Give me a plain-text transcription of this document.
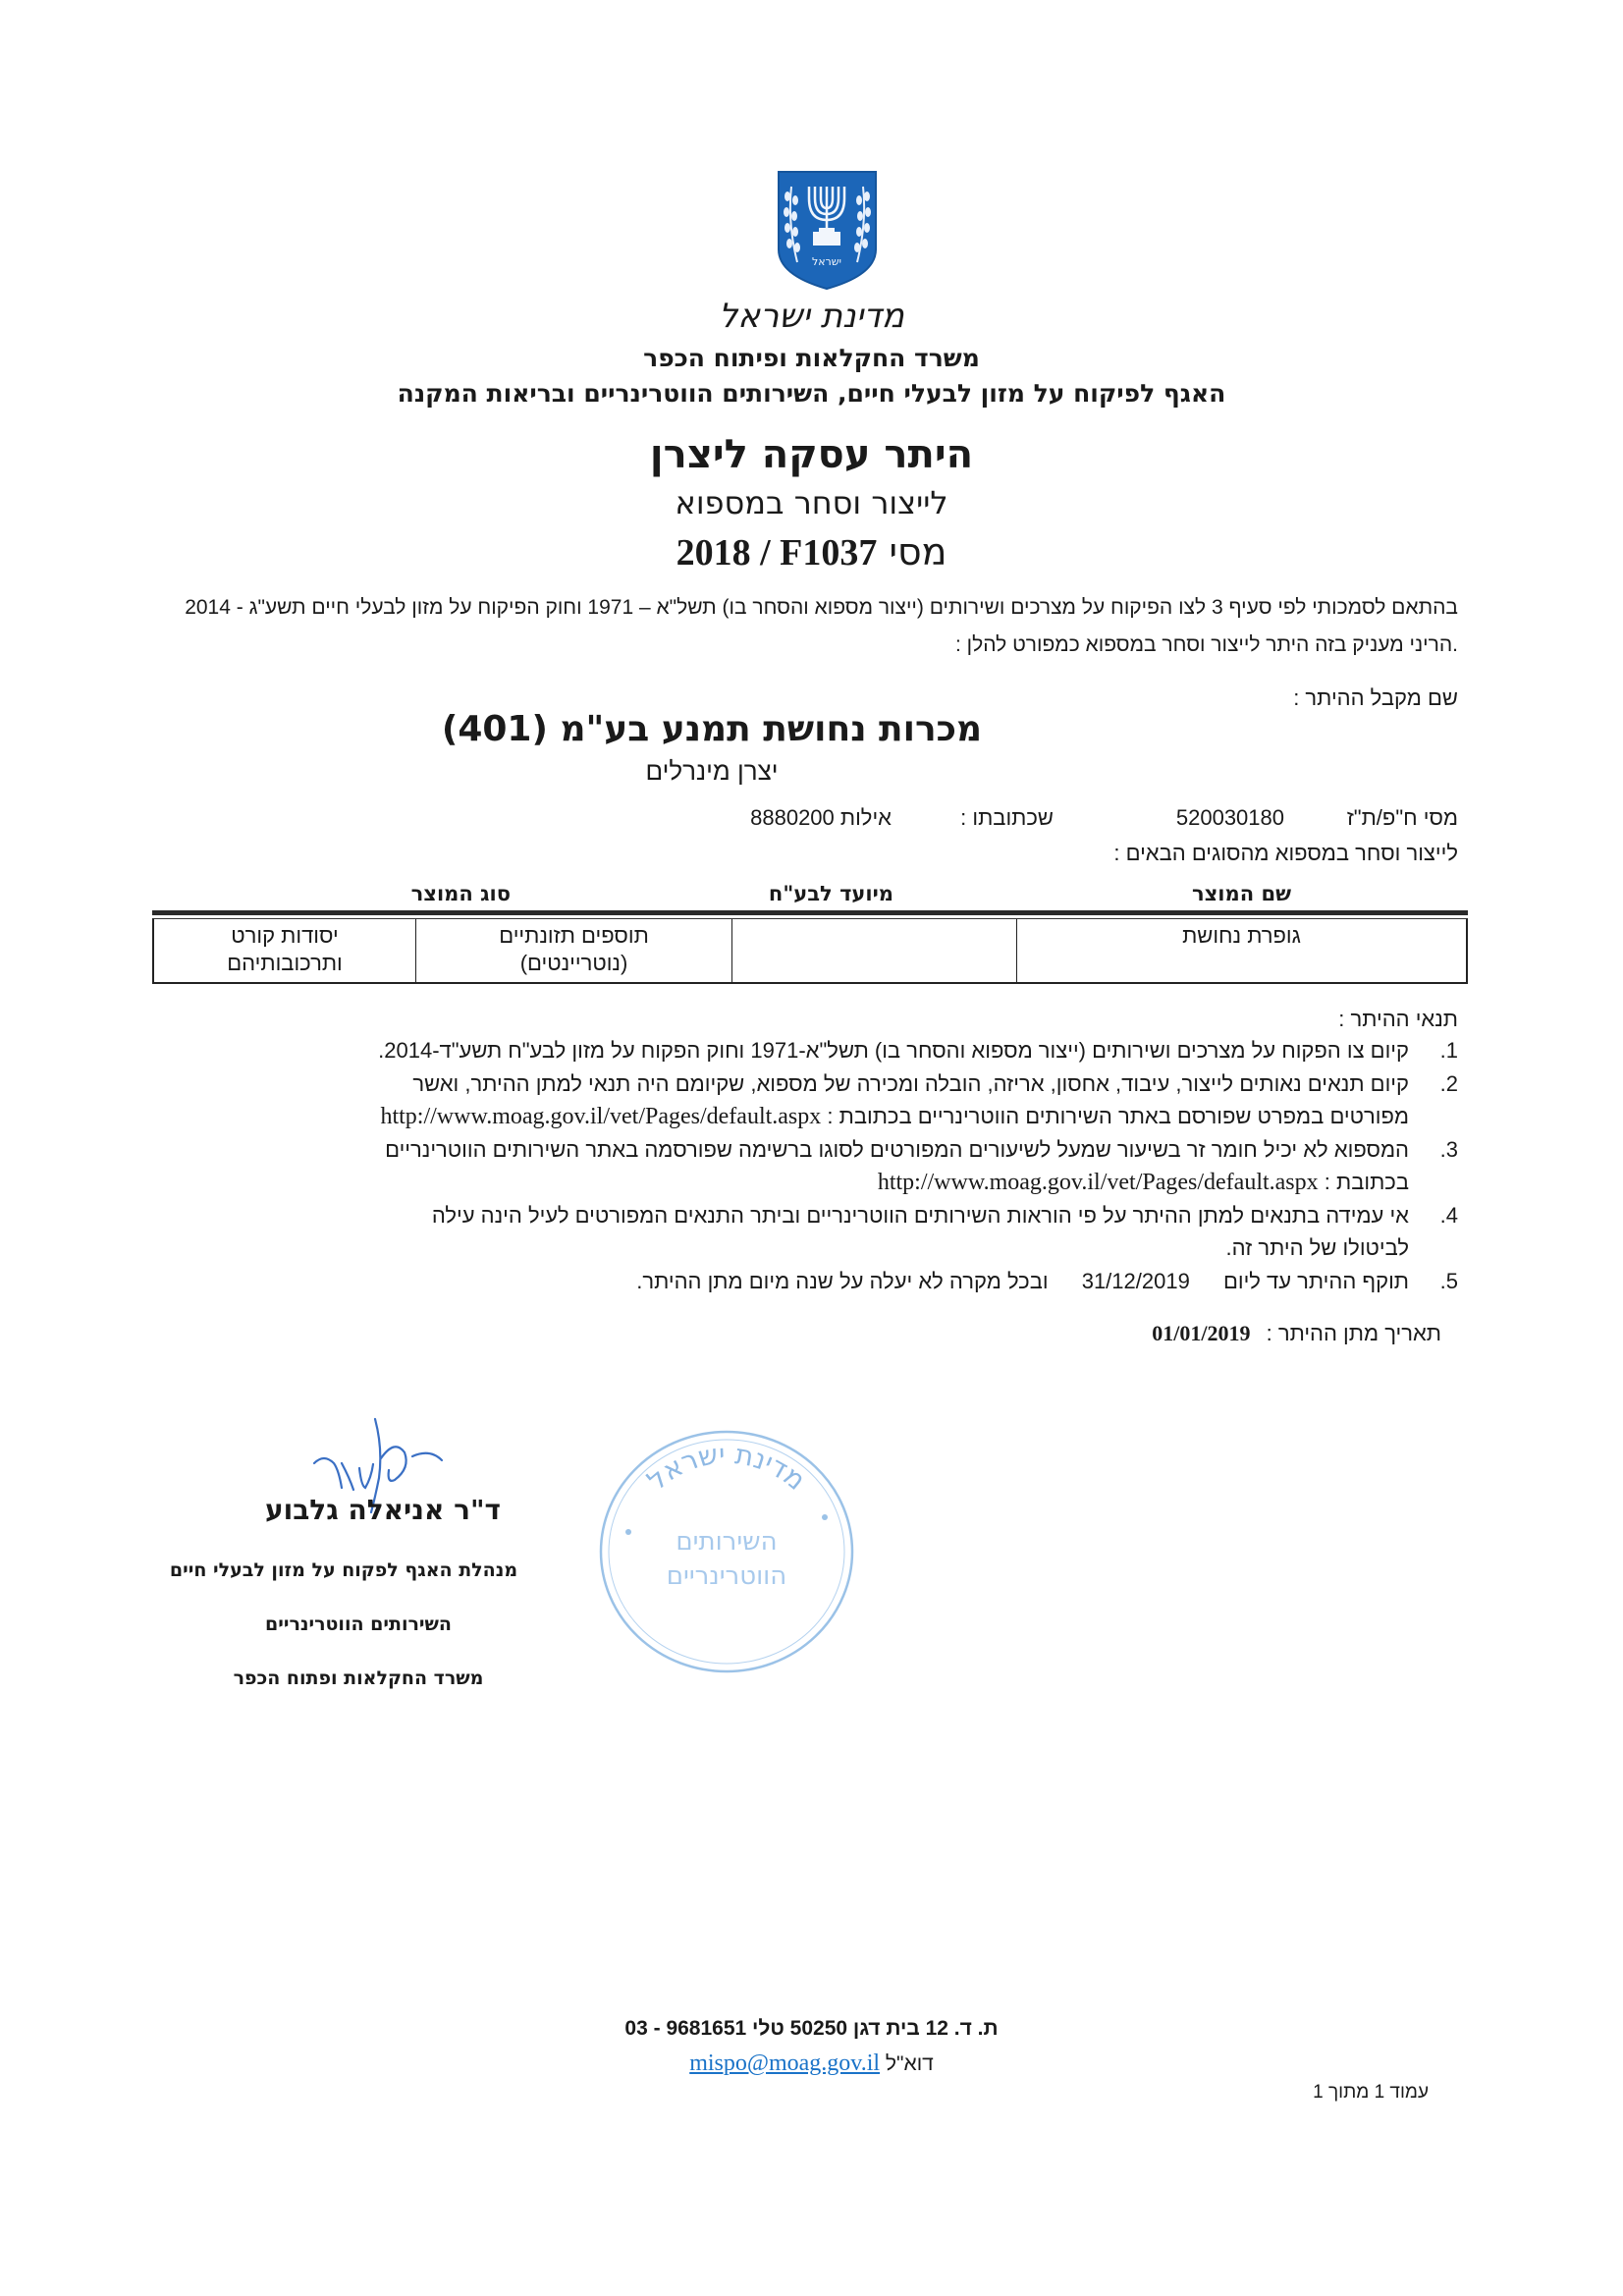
ישראל
מדינת ישראל
משרד החקלאות ופיתוח הכפר
האגף לפיקוח על מזון לבעלי חיים, השירותים הווטרינריים ובריאות המקנה
היתר עסקה ליצרן
לייצור וסחר במספוא
מסי 2018 / F1037
בהתאם לסמכותי לפי סעיף 3 לצו הפיקוח על מצרכים ושירותים (ייצור מספוא והסחר בו) תשל"א – 1971 וחוק הפיקוח על מזון לבעלי חיים תשע"ג - 2014 .הריני מעניק בזה היתר לייצור וסחר במספוא כמפורט להלן :
שם מקבל ההיתר :
מכרות נחושת תמנע בע"מ (401)
יצרן מינרלים
מסי ח"פ/ת"ז
520030180
שכתובתו :
אילות 8880200
לייצור וסחר במספוא מהסוגים הבאים :
שם המוצר
מיועד לבע"ח
סוג המוצר
גופרת נחושת
תוספים תזונתיים
(נוטריינטים)
יסודות קורט
ותרכובותיהם
תנאי ההיתר :
1.
קיום צו הפקוח על מצרכים ושירותים (ייצור מספוא והסחר בו) תשל"א-1971 וחוק הפקוח על מזון לבע"ח תשע"ד-2014.
2.
קיום תנאים נאותים לייצור, עיבוד, אחסון, אריזה, הובלה ומכירה של מספוא, שקיומם היה תנאי למתן ההיתר, ואשר
מפורטים במפרט שפורסם באתר השירותים הווטרינריים בכתובת : http://www.moag.gov.il/vet/Pages/default.aspx
3.
המספוא לא יכיל חומר זר בשיעור שמעל לשיעורים המפורטים לסוגו ברשימה שפורסמה באתר השירותים הווטרינריים
בכתובת : http://www.moag.gov.il/vet/Pages/default.aspx
4.
אי עמידה בתנאים למתן ההיתר על פי הוראות השירותים הווטרינריים וביתר התנאים המפורטים לעיל הינה עילה
לביטולו של היתר זה.
5.
תוקף ההיתר עד ליום 31/12/2019 ובכל מקרה לא יעלה על שנה מיום מתן ההיתר.
תאריך מתן ההיתר : 01/01/2019
ד"ר אניאלה גלבוע
מנהלת האגף לפקוח על מזון לבעלי חיים
השירותים הווטרינריים
משרד החקלאות ופתוח הכפר
מדינת ישראל
השירותים
הווטרינריים
ת. ד. 12 בית דגן 50250 טלי 9681651 - 03
דוא"ל mispo@moag.gov.il
עמוד 1 מתוך 1
